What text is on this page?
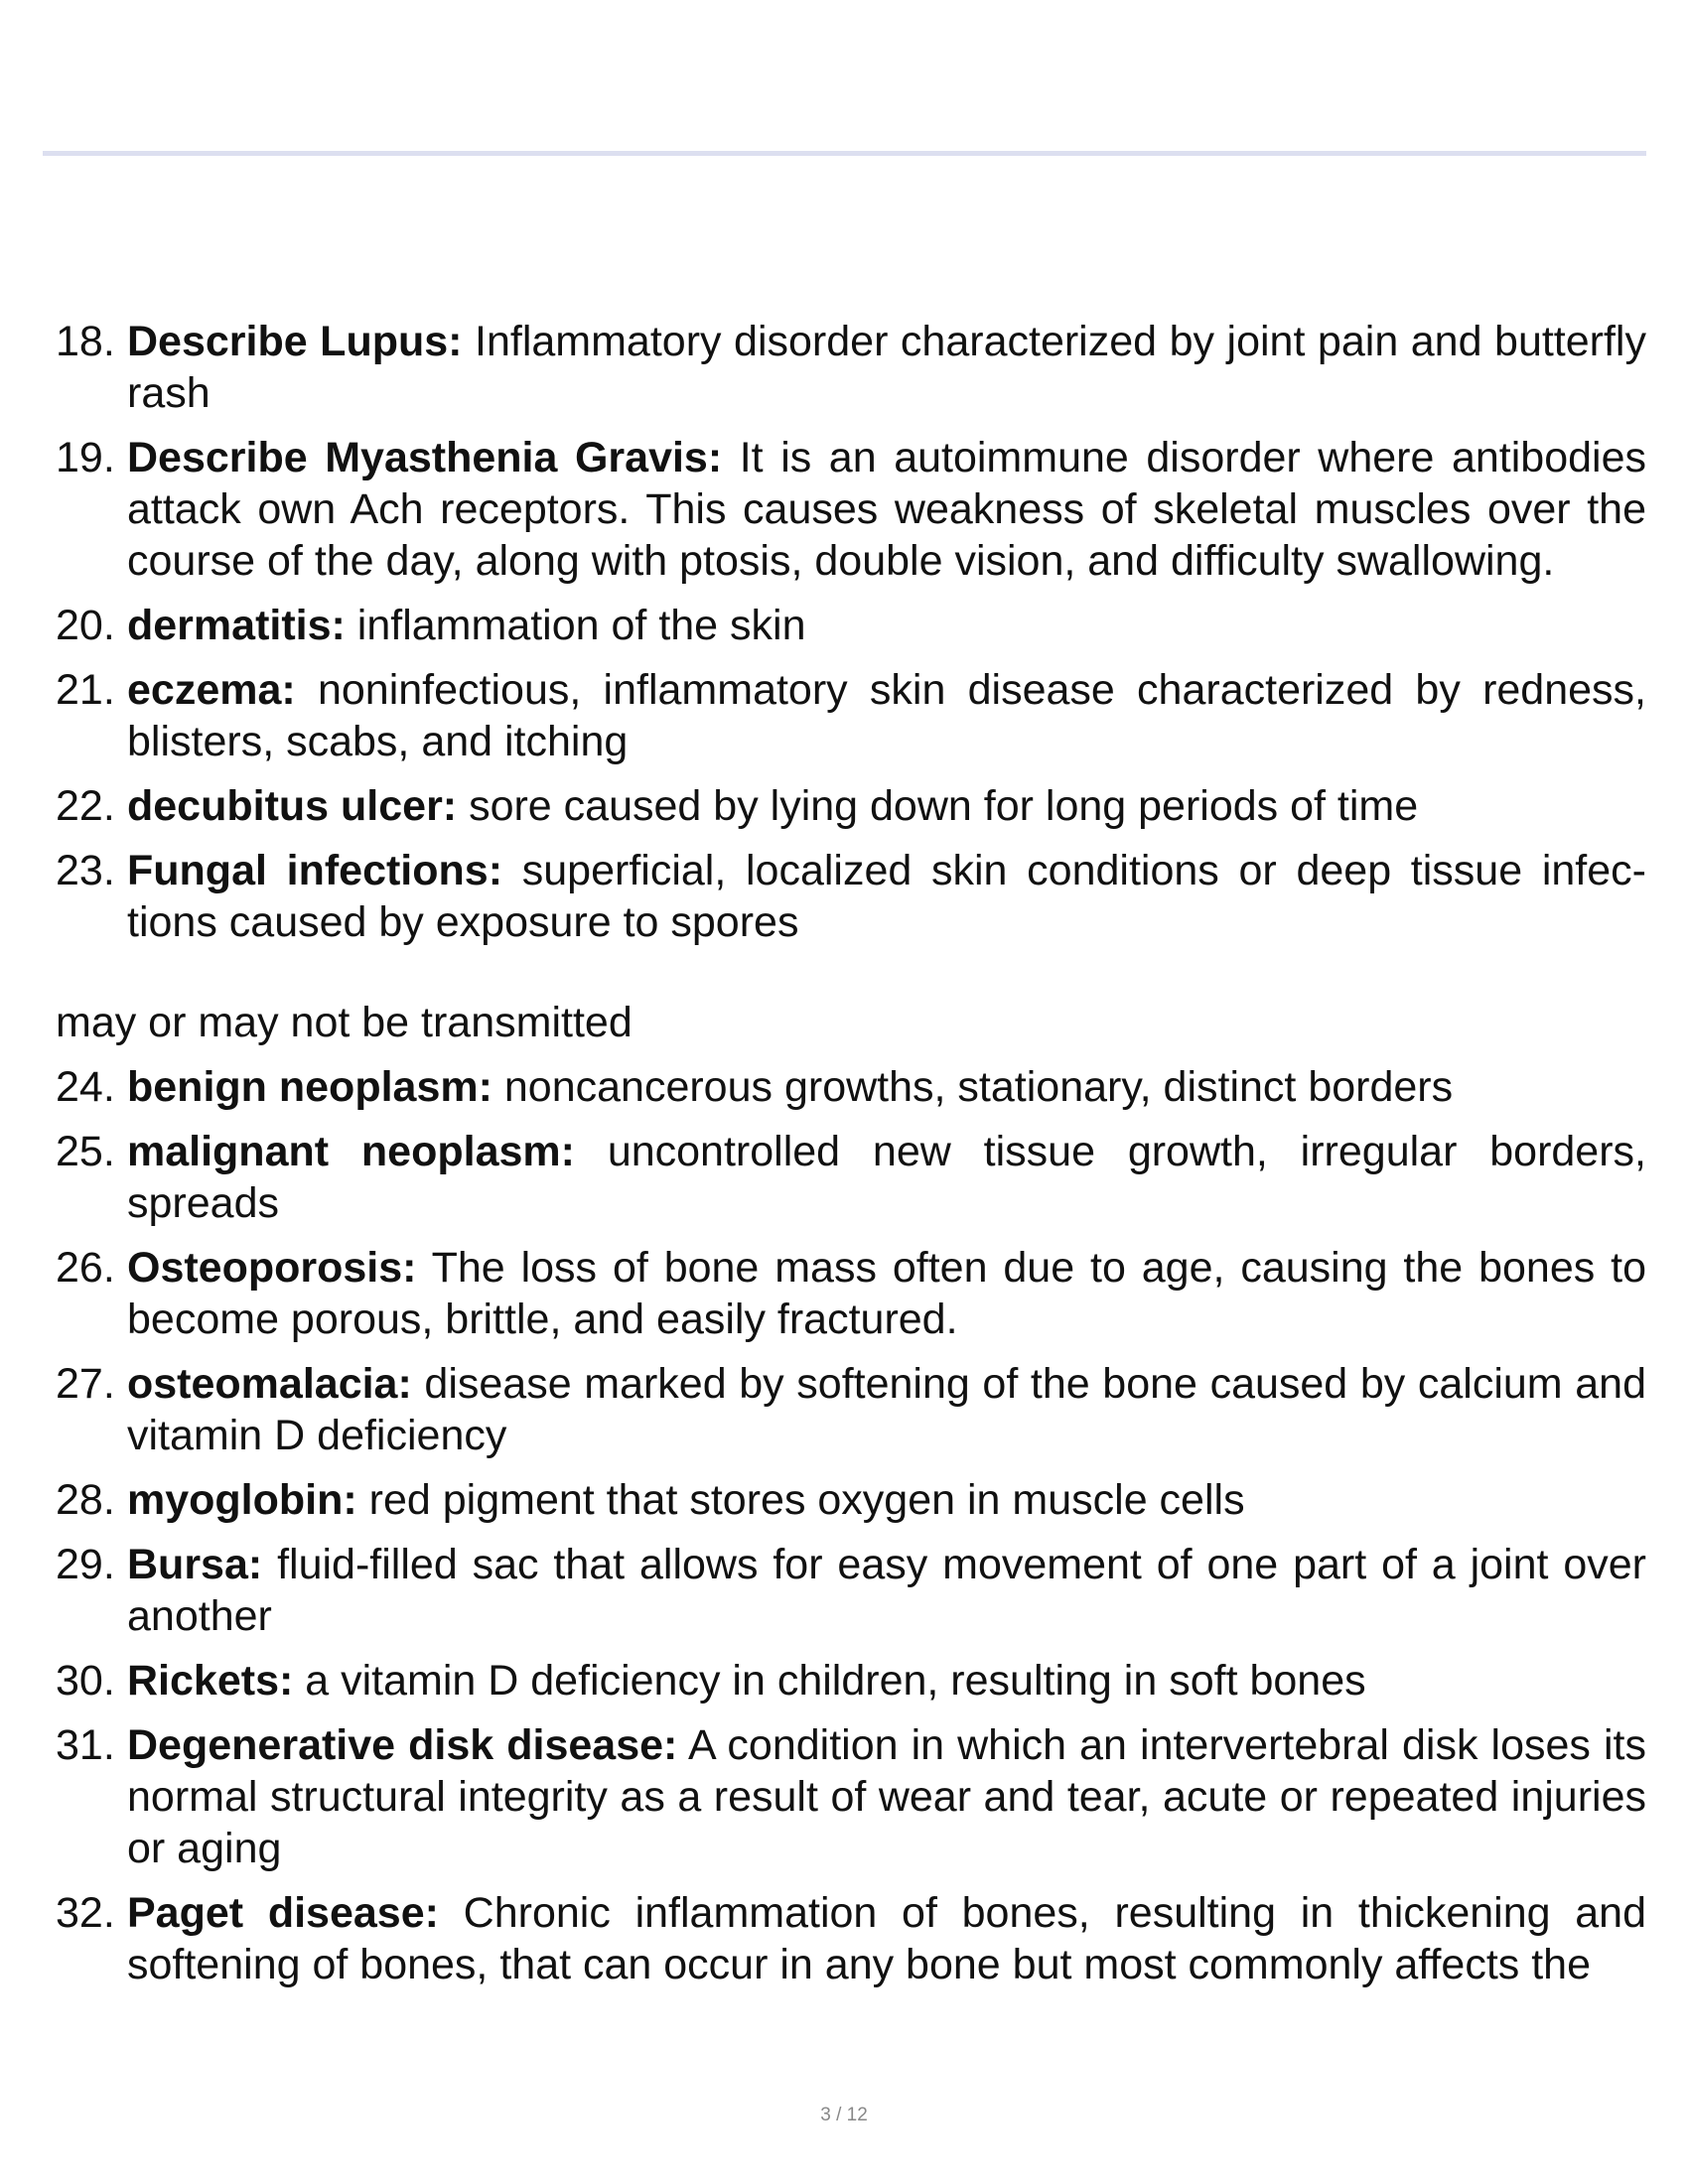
18. Describe Lupus: Inflammatory disorder characterized by joint pain and butterfly rash
19. Describe Myasthenia Gravis: It is an autoimmune disorder where antibodies attack own Ach receptors. This causes weakness of skeletal muscles over the course of the day, along with ptosis, double vision, and difficulty swallowing.
20. dermatitis: inflammation of the skin
21. eczema: noninfectious, inflammatory skin disease characterized by redness, blisters, scabs, and itching
22. decubitus ulcer: sore caused by lying down for long periods of time
23. Fungal infections: superficial, localized skin conditions or deep tissue infec-tions caused by exposure to spores

may or may not be transmitted

24. benign neoplasm: noncancerous growths, stationary, distinct borders
25. malignant neoplasm: uncontrolled new tissue growth, irregular borders, spreads
26. Osteoporosis: The loss of bone mass often due to age, causing the bones to become porous, brittle, and easily fractured.
27. osteomalacia: disease marked by softening of the bone caused by calcium and vitamin D deficiency
28. myoglobin: red pigment that stores oxygen in muscle cells
29. Bursa: fluid-filled sac that allows for easy movement of one part of a joint over another
30. Rickets: a vitamin D deficiency in children, resulting in soft bones
31. Degenerative disk disease: A condition in which an intervertebral disk loses its normal structural integrity as a result of wear and tear, acute or repeated injuries or aging
32. Paget disease: Chronic inflammation of bones, resulting in thickening and softening of bones, that can occur in any bone but most commonly affects the
3 / 12
